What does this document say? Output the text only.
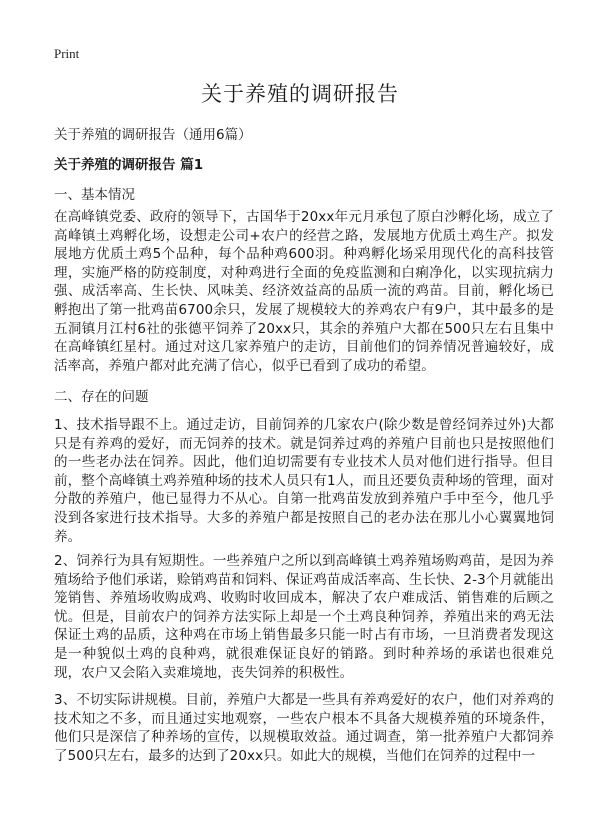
Print
关于养殖的调研报告
关于养殖的调研报告（通用6篇）
关于养殖的调研报告 篇1
一、基本情况

在高峰镇党委、政府的领导下，古国华于20xx年元月承包了原白沙孵化场，成立了高峰镇土鸡孵化场，设想走公司+农户的经营之路，发展地方优质土鸡生产。拟发展地方优质土鸡5个品种，每个品种鸡600羽。种鸡孵化场采用现代化的高科技管理，实施严格的防疫制度，对种鸡进行全面的免疫监测和白痢净化，以实现抗病力强、成活率高、生长快、风味美、经济效益高的品质一流的鸡苗。目前，孵化场已孵抱出了第一批鸡苗6700余只，发展了规模较大的养鸡农户有9户，其中最多的是五洞镇月江村6社的张德平饲养了20xx只，其余的养殖户大都在500只左右且集中在高峰镇红星村。通过对这几家养殖户的走访，目前他们的饲养情况普遍较好，成活率高，养殖户都对此充满了信心，似乎已看到了成功的希望。

二、存在的问题

1、技术指导跟不上。通过走访，目前饲养的几家农户(除少数是曾经饲养过外)大都只是有养鸡的爱好，而无饲养的技术。就是饲养过鸡的养殖户目前也只是按照他们的一些老办法在饲养。因此，他们迫切需要有专业技术人员对他们进行指导。但目前，整个高峰镇土鸡养殖种场的技术人员只有1人，而且还要负责种场的管理，面对分散的养殖户，他已显得力不从心。自第一批鸡苗发放到养殖户手中至今，他几乎没到各家进行技术指导。大多的养殖户都是按照自己的老办法在那儿小心翼翼地饲养。

2、饲养行为具有短期性。一些养殖户之所以到高峰镇土鸡养殖场购鸡苗，是因为养殖场给予他们承诺，赊销鸡苗和饲料、保证鸡苗成活率高、生长快、2-3个月就能出笼销售、养殖场收购成鸡、收购时收回成本，解决了农户难成活、销售难的后顾之忧。但是，目前农户的饲养方法实际上却是一个土鸡良种饲养，养殖出来的鸡无法保证土鸡的品质，这种鸡在市场上销售最多只能一时占有市场，一旦消费者发现这是一种貌似土鸡的良种鸡，就很难保证良好的销路。到时种养场的承诺也很难兑现，农户又会陷入卖难境地，丧失饲养的积极性。

3、不切实际讲规模。目前，养殖户大都是一些具有养鸡爱好的农户，他们对养鸡的技术知之不多，而且通过实地观察，一些农户根本不具备大规模养殖的环境条件，他们只是深信了种养场的宣传，以规模取效益。通过调查，第一批养殖户大都饲养了500只左右，最多的达到了20xx只。如此大的规模，当他们在饲养的过程中一
